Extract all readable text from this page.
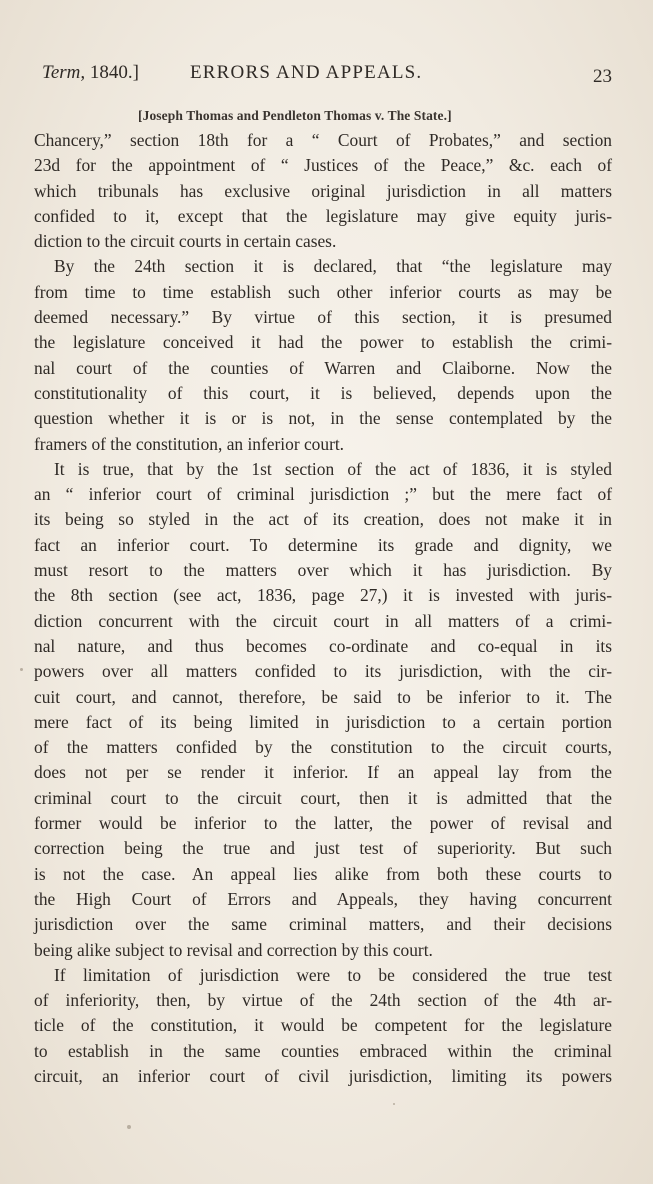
Term, 1840.]	ERRORS AND APPEALS.	23
[Joseph Thomas and Pendleton Thomas v. The State.]
Chancery,” section 18th for a “ Court of Probates,” and section
23d for the appointment of “ Justices of the Peace,” &c. each of
which tribunals has exclusive original jurisdiction in all matters
confided to it, except that the legislature may give equity juris-
diction to the circuit courts in certain cases.
By the 24th section it is declared, that “the legislature may
from time to time establish such other inferior courts as may be
deemed necessary.” By virtue of this section, it is presumed
the legislature conceived it had the power to establish the crimi-
nal court of the counties of Warren and Claiborne. Now the
constitutionality of this court, it is believed, depends upon the
question whether it is or is not, in the sense contemplated by the
framers of the constitution, an inferior court.
It is true, that by the 1st section of the act of 1836, it is styled
an “ inferior court of criminal jurisdiction ;” but the mere fact of
its being so styled in the act of its creation, does not make it in
fact an inferior court. To determine its grade and dignity, we
must resort to the matters over which it has jurisdiction. By
the 8th section (see act, 1836, page 27,) it is invested with juris-
diction concurrent with the circuit court in all matters of a crimi-
nal nature, and thus becomes co-ordinate and co-equal in its
powers over all matters confided to its jurisdiction, with the cir-
cuit court, and cannot, therefore, be said to be inferior to it. The
mere fact of its being limited in jurisdiction to a certain portion
of the matters confided by the constitution to the circuit courts,
does not per se render it inferior. If an appeal lay from the
criminal court to the circuit court, then it is admitted that the
former would be inferior to the latter, the power of revisal and
correction being the true and just test of superiority. But such
is not the case. An appeal lies alike from both these courts to
the High Court of Errors and Appeals, they having concurrent
jurisdiction over the same criminal matters, and their decisions
being alike subject to revisal and correction by this court.
If limitation of jurisdiction were to be considered the true test
of inferiority, then, by virtue of the 24th section of the 4th ar-
ticle of the constitution, it would be competent for the legislature
to establish in the same counties embraced within the criminal
circuit, an inferior court of civil jurisdiction, limiting its powers
